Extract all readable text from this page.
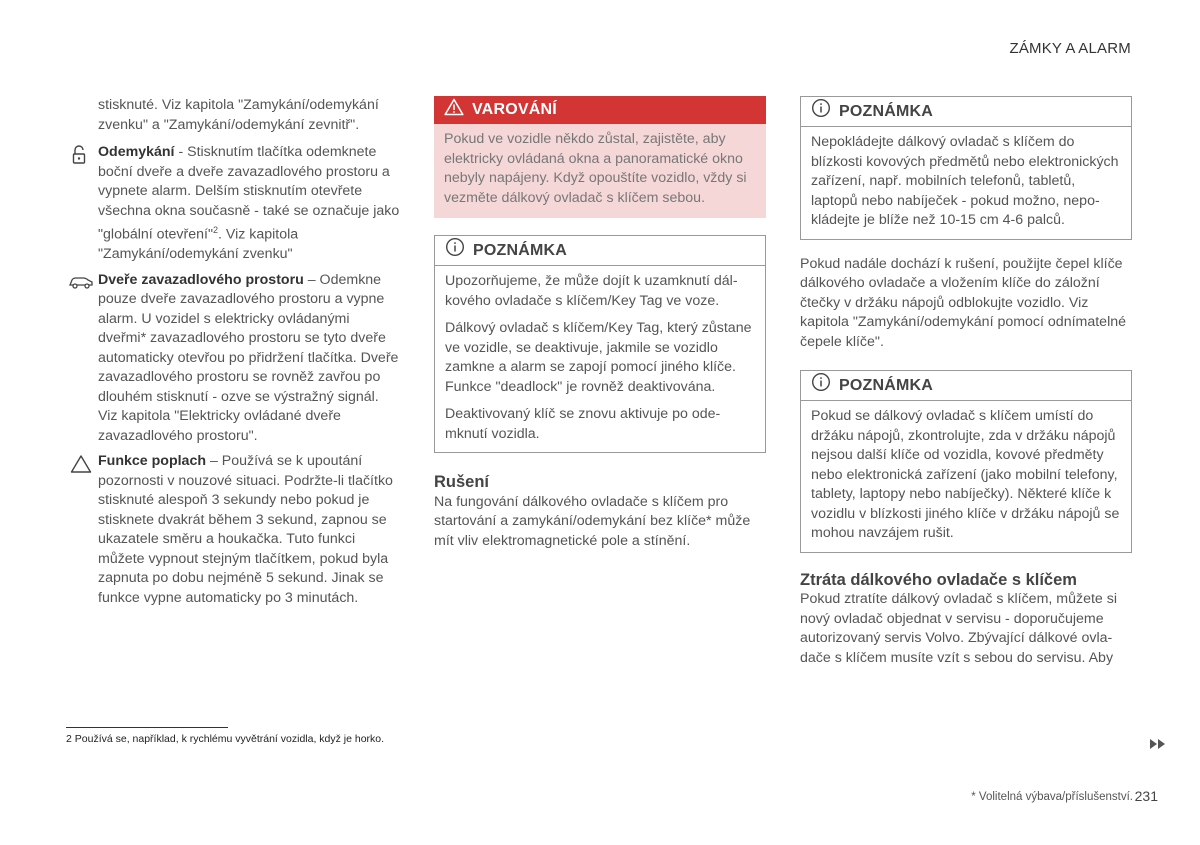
ZÁMKY A ALARM

stisknuté. Viz kapitola "Zamykání/odemykání

zvenku" a "Zamykání/odemykání zevnitř".

Odemykání - Stisknutím tlačítka odemknete boční dveře a dveře zavazadlového prostoru a vypnete alarm. Delším stisknutím otevřete všechna okna současně - také se označuje jako "globální otevření"$^2$. Viz kapitola "Zamykání/odemykání zvenku"
Dveře zavazadlového prostoru – Odemkne pouze dveře zavazadlového prostoru a vypne alarm. U vozidel s elektricky ovládanými dveřmi* zavazadlového prostoru se tyto dveře automaticky otevřou po přidržení tlačítka. Dveře zavazadlového prostoru se rovněž zavřou po dlouhém stisknutí - ozve se výstražný signál. Viz kapitola "Elektricky ovládané dveře zavazadlového prostoru".
Funkce poplach – Používá se k upoutání pozornosti v nouzové situaci. Podržte-li tlačítko stisknuté alespoň 3 sekundy nebo pokud je stisknete dvakrát během 3 sekund, zapnou se ukazatele směru a houkačka. Tuto funkci můžete vypnout stejným tlačítkem, pokud byla zapnuta po dobu nejméně 5 sekund. Jinak se funkce vypne automaticky po 3 minutách.
VAROVÁNÍ
Pokud ve vozidle někdo zůstal, zajistěte, aby elektricky ovládaná okna a panoramatické okno nebyly napájeny. Když opouštíte vozidlo, vždy si vezměte dálkový ovladač s klíčem sebou.
POZNÁMKA

Upozorňujeme, že může dojít k uzamknutí dálkového ovladače s klíčem/Key Tag ve voze.

Dálkový ovladač s klíčem/Key Tag, který zůstane ve vozidle, se deaktivuje, jakmile se vozidlo zamkne a alarm se zapojí pomocí jiného klíče. Funkce "deadlock" je rovněž deaktivována.

Deaktivovaný klíč se znovu aktivuje po odemknutí vozidla.

Rušení

Na fungování dálkového ovladače s klíčem pro startování a zamykání/odemykání bez klíče* může mít vliv elektromagnetické pole a stínění.

POZNÁMKA
Nepokládejte dálkový ovladač s klíčem do blízkosti kovových předmětů nebo elektronických zařízení, např. mobilních telefonů, tabletů, laptopů nebo nabíječek - pokud možno, nepokládejte je blíže než 10-15 cm 4-6 palců.

Pokud nadále dochází k rušení, použijte čepel klíče dálkového ovladače a vložením klíče do záložní čtečky v držáku nápojů odblokujte vozidlo. Viz kapitola "Zamykání/odemykání pomocí odnímatelné čepele klíče".

POZNÁMKA
Pokud se dálkový ovladač s klíčem umístí do držáku nápojů, zkontrolujte, zda v držáku nápojů nejsou další klíče od vozidla, kovové předměty nebo elektronická zařízení (jako mobilní telefony, tablety, laptopy nebo nabíječky). Některé klíče k vozidlu v blízkosti jiného klíče v držáku nápojů se mohou navzájem rušit.
Ztráta dálkového ovladače s klíčem

Pokud ztratíte dálkový ovladač s klíčem, můžete si nový ovladač objednat v servisu - doporučujeme autorizovaný servis Volvo. Zbývající dálkové ovladače s klíčem musíte vzít s sebou do servisu. Aby

2 Používá se, například, k rychlému vyvětrání vozidla, když je horko.
* Volitelná výbava/příslušenství. 231
